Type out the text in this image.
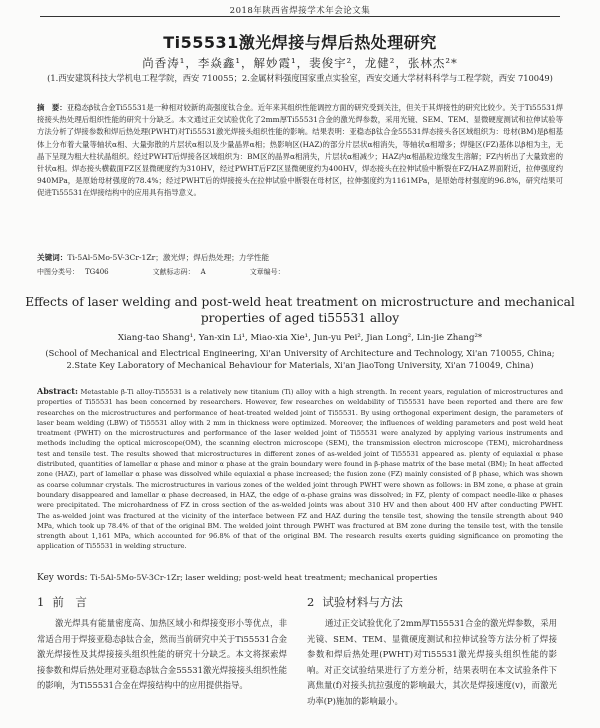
2018年陕西省焊接学术年会论文集
Ti55531激光焊接与焊后热处理研究
尚香涛¹，李焱鑫¹，解妙霞¹，裴俊宇²，龙健²，张林杰²*
(1.西安建筑科技大学机电工程学院，西安 710055；2.金属材料强度国家重点实验室，西安交通大学材料科学与工程学院，西安 710049)
摘　要：亚稳态β钛合金Ti55531是一种相对较新的高强度钛合金。近年来其组织性能调控方面的研究受到关注，但关于其焊接性的研究比较少。关于Ti55531焊接接头热处理后组织性能的研究十分缺乏。本文通过正交试验优化了2mm厚Ti55531合金的激光焊参数，采用光镜、SEM、TEM、显微硬度测试和拉伸试验等方法分析了焊接参数和焊后热处理(PWHT)对Ti55531激光焊接头组织性能的影响。结果表明：亚稳态β钛合金55531焊态接头各区域组织为：母材(BM)是β相基体上分布着大量等轴状α相、大量弥散的片层状α相以及少量晶界α相；热影响区(HAZ)的部分片层状α相消失，等轴状α相增多；焊缝区(FZ)基体以β相为主，无晶下呈现为粗大柱状晶组织。经过PWHT后焊接各区域组织为：BM区的晶界α相消失，片层状α相减少；HAZ内α相晶粒边缘发生溶解；FZ内析出了大量致密的针状α相。焊态接头横截面FZ区显微硬度约为310HV，经过PWHT后FZ区显微硬度约为400HV，焊态接头在拉伸试验中断裂在FZ/HAZ界面附近，拉伸强度约940MPa，是原始母材强度的78.4%；经过PWHT后的焊接接头在拉伸试验中断裂在母材区，拉伸强度约为1161MPa，是原始母材强度的96.8%，研究结果可促进Ti55531在焊接结构中的应用具有指导意义。
关键词：Ti-5Al-5Mo-5V-3Cr-1Zr；激光焊；焊后热处理；力学性能
中图分类号： TG406	文献标志码： A	文章编号：
Effects of laser welding and post-weld heat treatment on microstructure and mechanical properties of aged ti55531 alloy
Xiang-tao Shang¹, Yan-xin Li¹, Miao-xia Xie¹, Jun-yu Pei², Jian Long², Lin-jie Zhang²*
(School of Mechanical and Electrical Engineering, Xi'an University of Architecture and Technology, Xi'an 710055, China; 2.State Key Laboratory of Mechanical Behaviour for Materials, Xi'an JiaoTong University, Xi'an 710049, China)
Abstract: Metastable β-Ti alloy-Ti55531 is a relatively new titanium (Ti) alloy with a high strength. In recent years, regulation of microstructures and properties of Ti55531 has been concerned by researchers. However, few researches on weldability of Ti55531 have been reported and there are few researches on the microstructures and performance of heat-treated welded joint of Ti55531. By using orthogonal experiment design, the parameters of laser beam welding (LBW) of Ti55531 alloy with 2 mm in thickness were optimized. Moreover, the influences of welding parameters and post weld heat treatment (PWHT) on the microstructures and performance of the laser welded joint of Ti55531 were analyzed by applying various instruments and methods including the optical microscope(OM), the scanning electron microscope (SEM), the transmission electron microscope (TEM), microhardness test and tensile test. The results showed that microstructures in different zones of as-welded joint of Ti55531 appeared as. plenty of equiaxial α phase distributed, quantities of lamellar α phase and minor α phase at the grain boundary were found in β-phase matrix of the base metal (BM); In heat affected zone (HAZ), part of lamellar α phase was dissolved while equiaxial α phase increased; the fusion zone (FZ) mainly consisted of β phase, which was shown as coarse columnar crystals. The microstructures in various zones of the welded joint through PWHT were shown as follows: in BM zone, α phase at grain boundary disappeared and lamellar α phase decreased, in HAZ, the edge of α-phase grains was dissolved; in FZ, plenty of compact needle-like α phases were precipitated. The microhardness of FZ in cross section of the as-welded joints was about 310 HV and then about 400 HV after conducting PWHT. The as-welded joint was fractured at the vicinity of the interface between FZ and HAZ during the tensile test, showing the tensile strength about 940 MPa, which took up 78.4% of that of the original BM. The welded joint through PWHT was fractured at BM zone during the tensile test, with the tensile strength about 1,161 MPa, which accounted for 96.8% of that of the original BM. The research results exerts guiding significance on promoting the application of Ti55531 in welding structure.
Key words: Ti-5Al-5Mo-5V-3Cr-1Zr; laser welding; post-weld heat treatment; mechanical properties
1 前　言
激光焊具有能量密度高、加热区域小和焊接变形小等优点，非常适合用于焊接亚稳态β钛合金，然而当前研究中关于Ti55531合金激光焊接性及其焊接接头组织性能的研究十分缺乏。本文将探索焊接参数和焊后热处理对亚稳态β钛合金55531激光焊接接头组织性能的影响，为Ti55531合金在焊接结构中的应用提供指导。
2 试验材料与方法
通过正交试验优化了2mm厚Ti55531合金的激光焊参数，采用光镜、SEM、TEM、显微硬度测试和拉伸试验等方法分析了焊接参数和焊后热处理(PWHT)对Ti55531激光焊接头组织性能的影响。对正交试验结果进行了方差分析，结果表明在本文试验条件下离焦量(f)对接头抗拉强度的影响最大，其次是焊接速度(v)，而激光功率(P)施加的影响最小。
